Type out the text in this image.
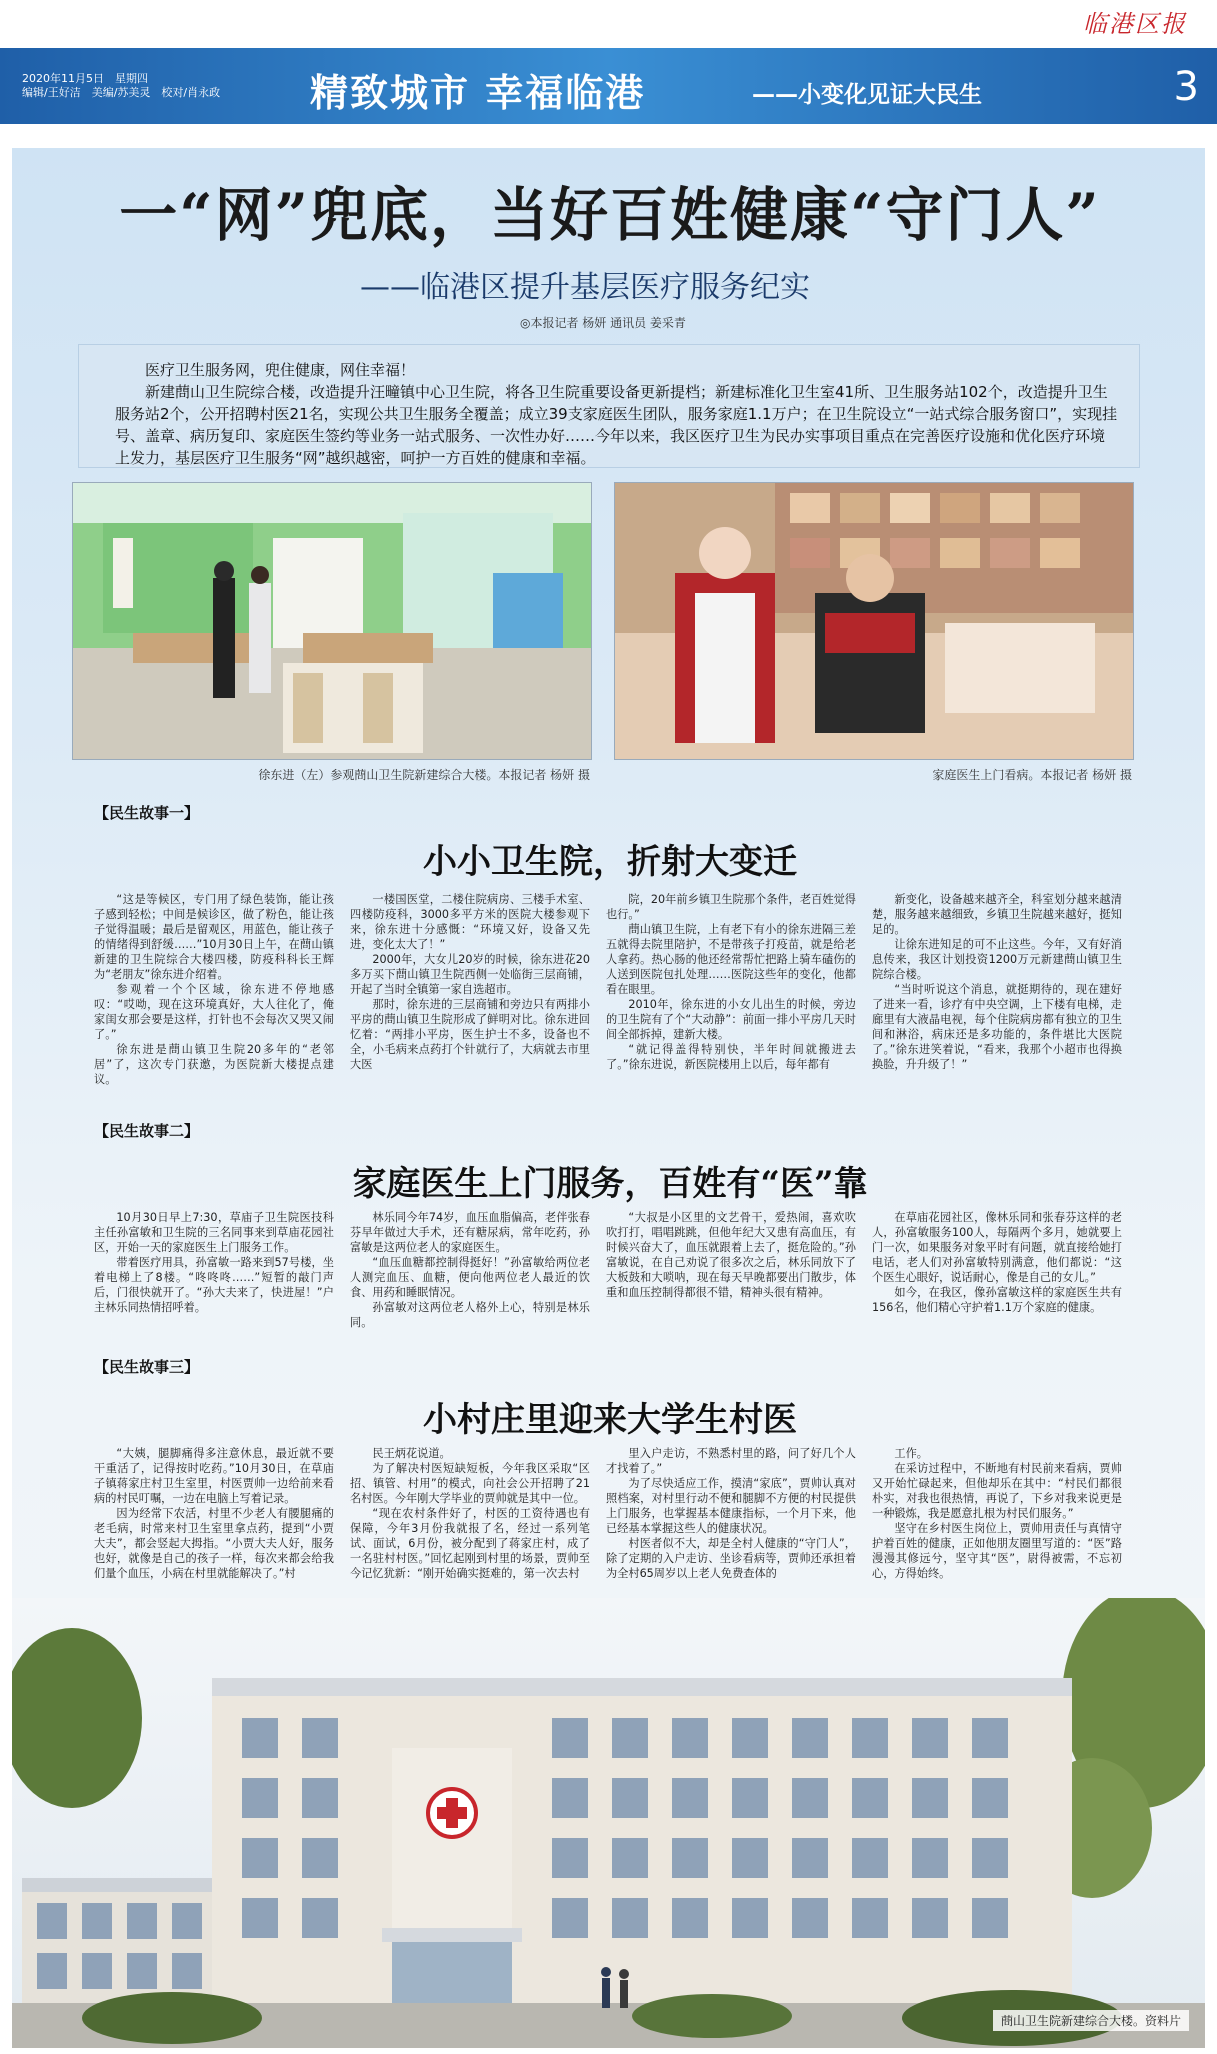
临港区报
2020年11月5日　星期四
编辑/王好洁　美编/苏美灵　校对/肖永政 精致城市 幸福临港	——小变化见证大民生	3
一“网”兜底，当好百姓健康“守门人”
——临港区提升基层医疗服务纪实
◎本报记者 杨妍 通讯员 姜采青

医疗卫生服务网，兜住健康，网住幸福！

新建蔄山卫生院综合楼，改造提升汪疃镇中心卫生院，将各卫生院重要设备更新提档；新建标准化卫生室41所、卫生服务站102个，改造提升卫生服务站2个，公开招聘村医21名，实现公共卫生服务全覆盖；成立39支家庭医生团队，服务家庭1.1万户；在卫生院设立“一站式综合服务窗口”，实现挂号、盖章、病历复印、家庭医生签约等业务一站式服务、一次性办好……今年以来，我区医疗卫生为民办实事项目重点在完善医疗设施和优化医疗环境上发力，基层医疗卫生服务“网”越织越密，呵护一方百姓的健康和幸福。

徐东进（左）参观蔄山卫生院新建综合大楼。本报记者 杨妍 摄	家庭医生上门看病。本报记者 杨妍 摄
【民生故事一】
小小卫生院，折射大变迁

“这是等候区，专门用了绿色装饰，能让孩子感到轻松；中间是候诊区，做了粉色，能让孩子觉得温暖；最后是留观区，用蓝色，能让孩子的情绪得到舒缓……”10月30日上午，在蔄山镇新建的卫生院综合大楼四楼，防疫科科长王辉为“老朋友”徐东进介绍着。

参观着一个个区域，徐东进不停地感叹：“哎呦，现在这环境真好，大人往化了，俺家闺女那会要是这样，打针也不会每次又哭又闹了。”

徐东进是蔄山镇卫生院20多年的“老邻居”了，这次专门获邀，为医院新大楼提点建议。

一楼国医堂，二楼住院病房、三楼手术室、四楼防疫科，3000多平方米的医院大楼参观下来，徐东进十分感慨：“环境又好，设备又先进，变化太大了！”

2000年，大女儿20岁的时候，徐东进花20多万买下蔄山镇卫生院西侧一处临街三层商铺，开起了当时全镇第一家自选超市。

那时，徐东进的三层商铺和旁边只有两排小平房的蔄山镇卫生院形成了鲜明对比。徐东进回忆着：“两排小平房，医生护士不多，设备也不全，小毛病来点药打个针就行了，大病就去市里大医

院，20年前乡镇卫生院那个条件，老百姓觉得也行。”

蔄山镇卫生院，上有老下有小的徐东进隔三差五就得去院里陪护，不是带孩子打疫苗，就是给老人拿药。热心肠的他还经常帮忙把路上骑车磕伤的人送到医院包扎处理……医院这些年的变化，他都看在眼里。

2010年，徐东进的小女儿出生的时候，旁边的卫生院有了个“大动静”：前面一排小平房几天时间全部拆掉，建新大楼。

“就记得盖得特别快，半年时间就搬进去了。”徐东进说，新医院楼用上以后，每年都有

新变化，设备越来越齐全，科室划分越来越清楚，服务越来越细致，乡镇卫生院越来越好，挺知足的。

让徐东进知足的可不止这些。今年，又有好消息传来，我区计划投资1200万元新建蔄山镇卫生院综合楼。

“当时听说这个消息，就挺期待的，现在建好了进来一看，诊疗有中央空调，上下楼有电梯，走廊里有大液晶电视，每个住院病房都有独立的卫生间和淋浴，病床还是多功能的，条件堪比大医院了。”徐东进笑着说，“看来，我那个小超市也得换换脸，升升级了！”

【民生故事二】
家庭医生上门服务，百姓有“医”靠

10月30日早上7:30，草庙子卫生院医技科主任孙富敏和卫生院的三名同事来到草庙花园社区，开始一天的家庭医生上门服务工作。

带着医疗用具，孙富敏一路来到57号楼，坐着电梯上了8楼。“咚咚咚……”短暂的敲门声后，门很快就开了。“孙大夫来了，快进屋！”户主林乐同热情招呼着。

林乐同今年74岁，血压血脂偏高，老伴张春芬早年做过大手术，还有糖尿病，常年吃药，孙富敏是这两位老人的家庭医生。

“血压血糖都控制得挺好！”孙富敏给两位老人测完血压、血糖，便向他两位老人最近的饮食、用药和睡眠情况。

孙富敏对这两位老人格外上心，特别是林乐同。

“大叔是小区里的文艺骨干，爱热闹，喜欢吹吹打打，唱唱跳跳，但他年纪大又患有高血压，有时候兴奋大了，血压就跟着上去了，挺危险的。”孙富敏说，在自己劝说了很多次之后，林乐同放下了大板鼓和大唢呐，现在每天早晚都要出门散步，体重和血压控制得都很不错，精神头很有精神。

在草庙花园社区，像林乐同和张春芬这样的老人，孙富敏服务100人，每隔两个多月，她就要上门一次，如果服务对象平时有问题，就直接给她打电话，老人们对孙富敏特别满意，他们都说：“这个医生心眼好，说话耐心，像是自己的女儿。”

如今，在我区，像孙富敏这样的家庭医生共有156名，他们精心守护着1.1万个家庭的健康。

【民生故事三】
小村庄里迎来大学生村医

“大姨，腿脚痛得多注意休息，最近就不要干重活了，记得按时吃药。”10月30日，在草庙子镇蒋家庄村卫生室里，村医贾帅一边给前来看病的村民叮嘱，一边在电脑上写着记录。

因为经常下农活，村里不少老人有腰腿痛的老毛病，时常来村卫生室里拿点药，提到“小贾大夫”，都会竖起大拇指。“小贾大夫人好，服务也好，就像是自己的孩子一样，每次来都会给我们量个血压，小病在村里就能解决了。”村

民王炳花说道。

为了解决村医短缺短板，今年我区采取“区招、镇管、村用”的模式，向社会公开招聘了21名村医。今年刚大学毕业的贾帅就是其中一位。

“现在农村条件好了，村医的工资待遇也有保障，今年3月份我就报了名，经过一系列笔试、面试，6月份，被分配到了蒋家庄村，成了一名驻村村医。”回忆起刚到村里的场景，贾帅至今记忆犹新：“刚开始确实挺难的，第一次去村

里入户走访，不熟悉村里的路，问了好几个人才找着了。”

为了尽快适应工作，摸清“家底”，贾帅认真对照档案，对村里行动不便和腿脚不方便的村民提供上门服务，也掌握基本健康指标，一个月下来，他已经基本掌握这些人的健康状况。

村医者似不大，却是全村人健康的“守门人”，除了定期的入户走访、坐诊看病等，贾帅还承担着为全村65周岁以上老人免费查体的

工作。

在采访过程中，不断地有村民前来看病，贾帅又开始忙碌起来，但他却乐在其中：“村民们都很朴实，对我也很热情，再说了，下乡对我来说更是一种锻炼，我是愿意扎根为村民们服务。”

坚守在乡村医生岗位上，贾帅用责任与真情守护着百姓的健康，正如他朋友圈里写道的：“医”路漫漫其修远兮，坚守其“医”，尉得被需，不忘初心，方得始终。

蔄山卫生院新建综合大楼。资料片
